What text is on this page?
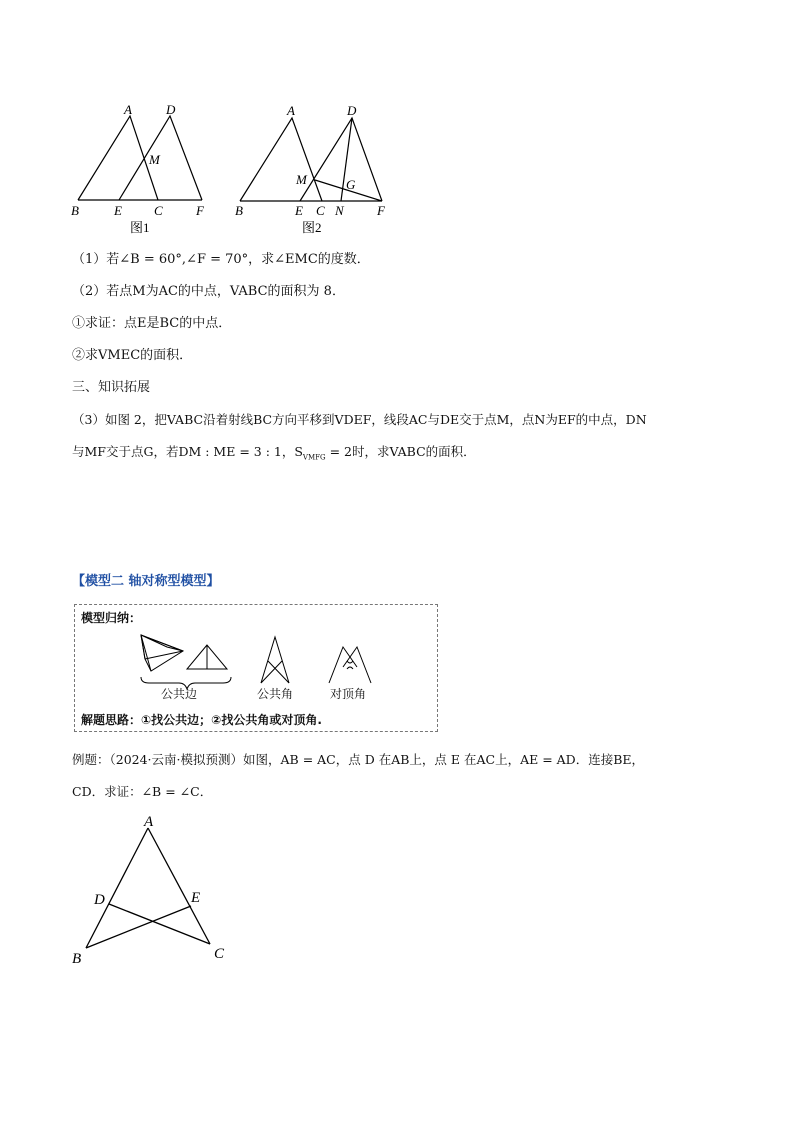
A	D
M
B	E C	F
图1
A	D
M	G
B	E C N	F
图2
（1）若∠B = 60°,∠F = 70°，求∠EMC的度数．
（2）若点M为AC的中点，VABC的面积为 8．
①求证：点E是BC的中点．
②求VMEC的面积．
三、知识拓展
（3）如图 2，把VABC沿着射线BC方向平移到VDEF，线段AC与DE交于点M，点N为EF的中点，DN
与MF交于点G，若DM : ME = 3 : 1，$S_{VMFG} = 2$时，求VABC的面积．
【模型二 轴对称型模型】
模型归纳：
公共边	公共角	对顶角
解题思路：①找公共边；②找公共角或对顶角.
例题：（2024·云南·模拟预测）如图，AB = AC，点 D 在AB上，点 E 在AC上，AE = AD．连接BE，
CD．求证：∠B = ∠C．
A
D	E
B	C
